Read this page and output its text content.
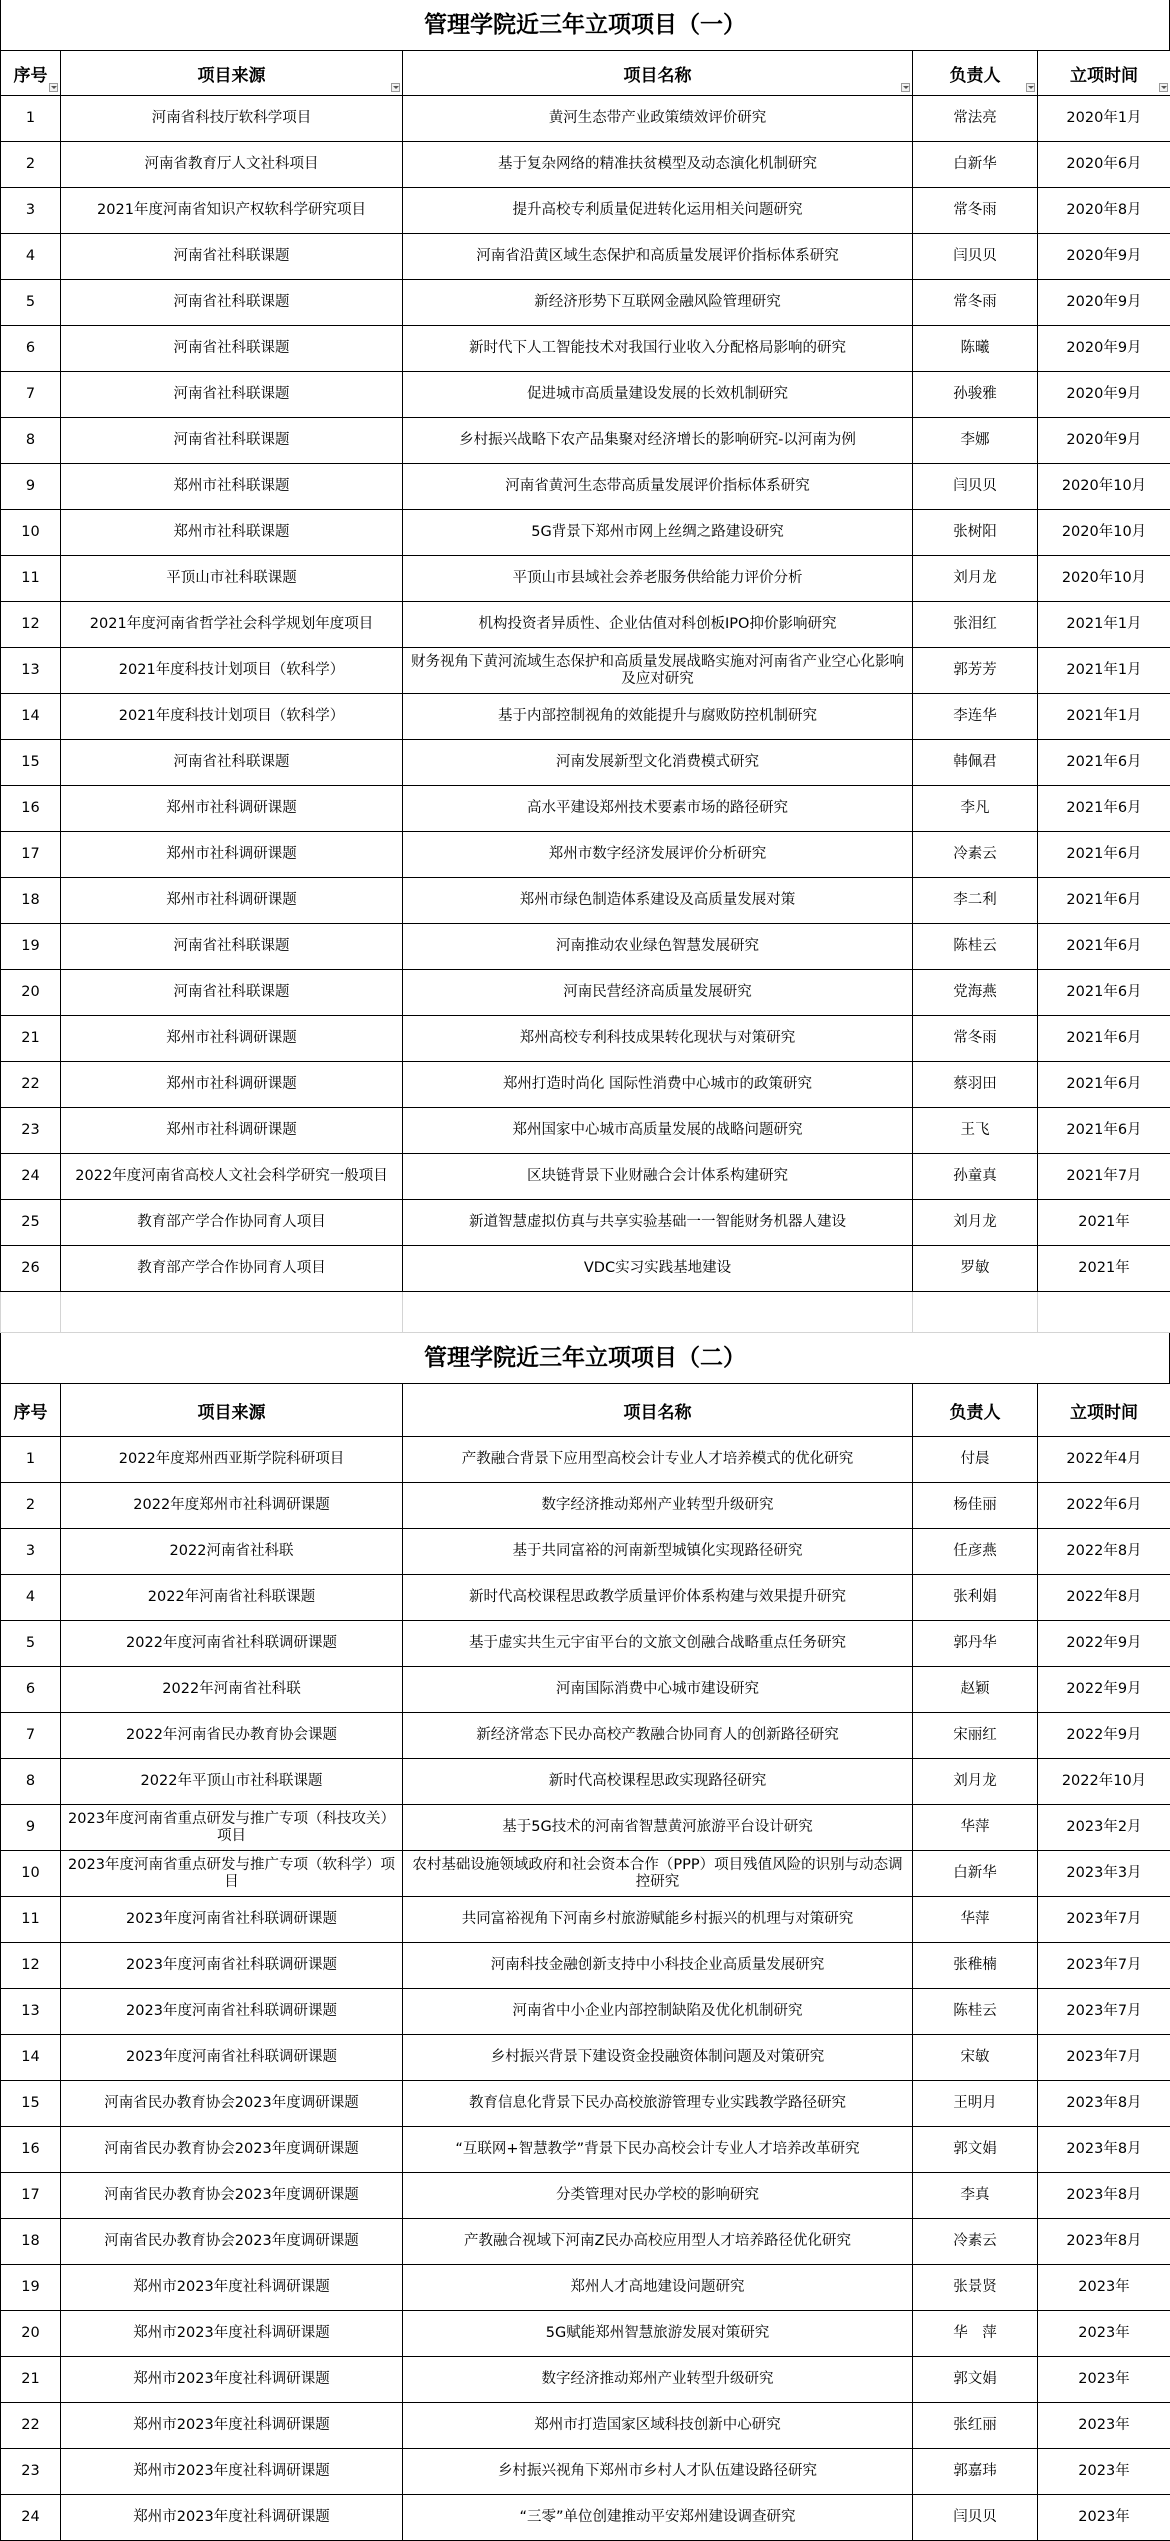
管理学院近三年立项项目（一）
序号	项目来源	项目名称	负责人	立项时间

1	河南省科技厅软科学项目	黄河生态带产业政策绩效评价研究	常法亮	2020年1月
2	河南省教育厅人文社科项目	基于复杂网络的精准扶贫模型及动态演化机制研究	白新华	2020年6月
3	2021年度河南省知识产权软科学研究项目	提升高校专利质量促进转化运用相关问题研究	常冬雨	2020年8月
4	河南省社科联课题	河南省沿黄区域生态保护和高质量发展评价指标体系研究	闫贝贝	2020年9月
5	河南省社科联课题	新经济形势下互联网金融风险管理研究	常冬雨	2020年9月
6	河南省社科联课题	新时代下人工智能技术对我国行业收入分配格局影响的研究	陈曦	2020年9月
7	河南省社科联课题	促进城市高质量建设发展的长效机制研究	孙骏雅	2020年9月
8	河南省社科联课题	乡村振兴战略下农产品集聚对经济增长的影响研究-以河南为例	李娜	2020年9月
9	郑州市社科联课题	河南省黄河生态带高质量发展评价指标体系研究	闫贝贝	2020年10月
10	郑州市社科联课题	5G背景下郑州市网上丝绸之路建设研究	张树阳	2020年10月
11	平顶山市社科联课题	平顶山市县域社会养老服务供给能力评价分析	刘月龙	2020年10月
12	2021年度河南省哲学社会科学规划年度项目	机构投资者异质性、企业估值对科创板IPO抑价影响研究	张泪红	2021年1月
13	2021年度科技计划项目（软科学）	财务视角下黄河流域生态保护和高质量发展战略实施对河南省产业空心化影响及应对研究	郭芳芳	2021年1月
14	2021年度科技计划项目（软科学）	基于内部控制视角的效能提升与腐败防控机制研究	李连华	2021年1月
15	河南省社科联课题	河南发展新型文化消费模式研究	韩佩君	2021年6月
16	郑州市社科调研课题	高水平建设郑州技术要素市场的路径研究	李凡	2021年6月
17	郑州市社科调研课题	郑州市数字经济发展评价分析研究	冷素云	2021年6月
18	郑州市社科调研课题	郑州市绿色制造体系建设及高质量发展对策	李二利	2021年6月
19	河南省社科联课题	河南推动农业绿色智慧发展研究	陈桂云	2021年6月
20	河南省社科联课题	河南民营经济高质量发展研究	党海燕	2021年6月
21	郑州市社科调研课题	郑州高校专利科技成果转化现状与对策研究	常冬雨	2021年6月
22	郑州市社科调研课题	郑州打造时尚化 国际性消费中心城市的政策研究	蔡羽田	2021年6月
23	郑州市社科调研课题	郑州国家中心城市高质量发展的战略问题研究	王飞	2021年6月
24	2022年度河南省高校人文社会科学研究一般项目	区块链背景下业财融合会计体系构建研究	孙童真	2021年7月
25	教育部产学合作协同育人项目	新道智慧虚拟仿真与共享实验基础一一智能财务机器人建设	刘月龙	2021年
26	教育部产学合作协同育人项目	VDC实习实践基地建设	罗敏	2021年

管理学院近三年立项项目（二）
序号	项目来源	项目名称	负责人	立项时间
1	2022年度郑州西亚斯学院科研项目	产教融合背景下应用型高校会计专业人才培养模式的优化研究	付晨	2022年4月
2	2022年度郑州市社科调研课题	数字经济推动郑州产业转型升级研究	杨佳丽	2022年6月
3	2022河南省社科联	基于共同富裕的河南新型城镇化实现路径研究	任彦燕	2022年8月
4	2022年河南省社科联课题	新时代高校课程思政教学质量评价体系构建与效果提升研究	张利娟	2022年8月
5	2022年度河南省社科联调研课题	基于虚实共生元宇宙平台的文旅文创融合战略重点任务研究	郭丹华	2022年9月
6	2022年河南省社科联	河南国际消费中心城市建设研究	赵颖	2022年9月
7	2022年河南省民办教育协会课题	新经济常态下民办高校产教融合协同育人的创新路径研究	宋丽红	2022年9月
8	2022年平顶山市社科联课题	新时代高校课程思政实现路径研究	刘月龙	2022年10月
9	2023年度河南省重点研发与推广专项（科技攻关）项目	基于5G技术的河南省智慧黄河旅游平台设计研究	华萍	2023年2月
10	2023年度河南省重点研发与推广专项（软科学）项目	农村基础设施领域政府和社会资本合作（PPP）项目残值风险的识别与动态调控研究	白新华	2023年3月
11	2023年度河南省社科联调研课题	共同富裕视角下河南乡村旅游赋能乡村振兴的机理与对策研究	华萍	2023年7月
12	2023年度河南省社科联调研课题	河南科技金融创新支持中小科技企业高质量发展研究	张稚楠	2023年7月
13	2023年度河南省社科联调研课题	河南省中小企业内部控制缺陷及优化机制研究	陈桂云	2023年7月
14	2023年度河南省社科联调研课题	乡村振兴背景下建设资金投融资体制问题及对策研究	宋敏	2023年7月
15	河南省民办教育协会2023年度调研课题	教育信息化背景下民办高校旅游管理专业实践教学路径研究	王明月	2023年8月
16	河南省民办教育协会2023年度调研课题	“互联网+智慧教学”背景下民办高校会计专业人才培养改革研究	郭文娟	2023年8月
17	河南省民办教育协会2023年度调研课题	分类管理对民办学校的影响研究	李真	2023年8月
18	河南省民办教育协会2023年度调研课题	产教融合视域下河南Z民办高校应用型人才培养路径优化研究	冷素云	2023年8月
19	郑州市2023年度社科调研课题	郑州人才高地建设问题研究	张景贤	2023年
20	郑州市2023年度社科调研课题	5G赋能郑州智慧旅游发展对策研究	华　萍	2023年
21	郑州市2023年度社科调研课题	数字经济推动郑州产业转型升级研究	郭文娟	2023年
22	郑州市2023年度社科调研课题	郑州市打造国家区域科技创新中心研究	张红丽	2023年
23	郑州市2023年度社科调研课题	乡村振兴视角下郑州市乡村人才队伍建设路径研究	郭嘉玮	2023年
24	郑州市2023年度社科调研课题	“三零”单位创建推动平安郑州建设调查研究	闫贝贝	2023年
